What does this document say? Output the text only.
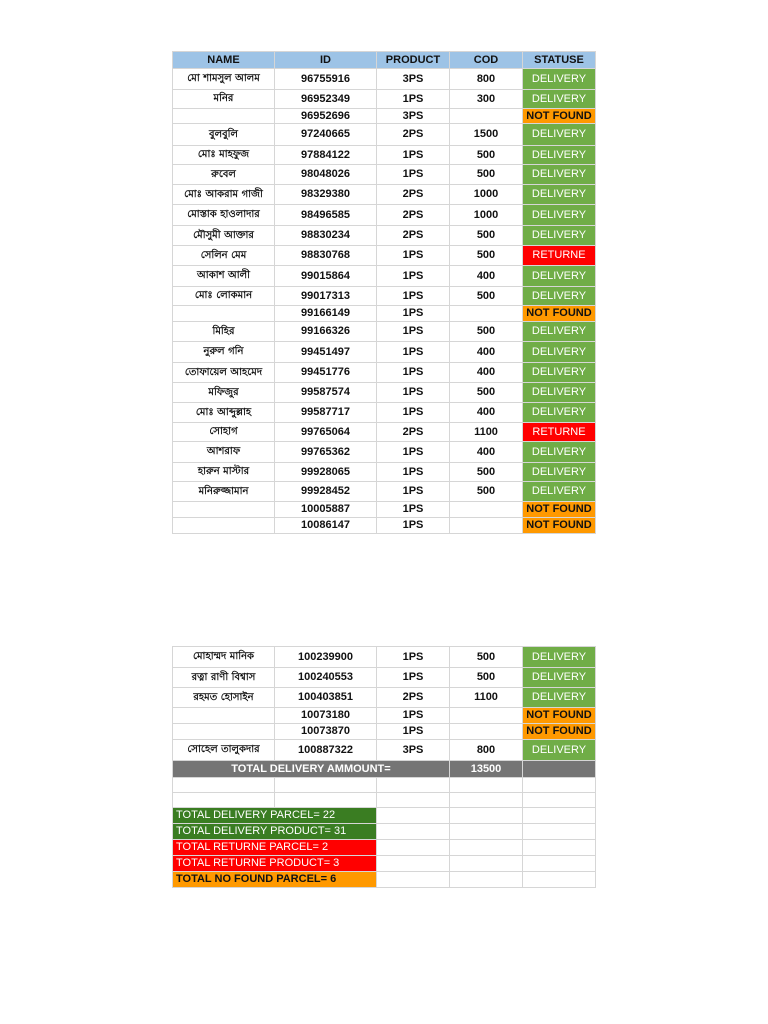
NAME	ID	PRODUCT	COD	STATUSE
মো শামসুল আলম	96755916	3PS	800	DELIVERY
মনির	96952349	1PS	300	DELIVERY
	96952696	3PS		NOT FOUND
বুলবুলি	97240665	2PS	1500	DELIVERY
মোঃ মাহফুজ	97884122	1PS	500	DELIVERY
রুবেল	98048026	1PS	500	DELIVERY
মোঃ আকরাম গাজী	98329380	2PS	1000	DELIVERY
মোস্তাক হাওলাদার	98496585	2PS	1000	DELIVERY
মৌসুমী আক্তার	98830234	2PS	500	DELIVERY
সেলিন মেম	98830768	1PS	500	RETURNE
আকাশ আলী	99015864	1PS	400	DELIVERY
মোঃ লোকমান	99017313	1PS	500	DELIVERY
	99166149	1PS		NOT FOUND
মিহির	99166326	1PS	500	DELIVERY
নুরুল গনি	99451497	1PS	400	DELIVERY
তোফায়েল আহমেদ	99451776	1PS	400	DELIVERY
মফিজুর	99587574	1PS	500	DELIVERY
মোঃ আব্দুল্লাহ	99587717	1PS	400	DELIVERY
সোহাগ	99765064	2PS	1100	RETURNE
আশরাফ	99765362	1PS	400	DELIVERY
হারুন মাস্টার	99928065	1PS	500	DELIVERY
মনিরুজ্জামান	99928452	1PS	500	DELIVERY
	10005887	1PS		NOT FOUND
	10086147	1PS		NOT FOUND
মোহাম্মদ মানিক	100239900	1PS	500	DELIVERY
রত্না রাণী বিশ্বাস	100240553	1PS	500	DELIVERY
রহমত হোসাইন	100403851	2PS	1100	DELIVERY
	10073180	1PS		NOT FOUND
	10073870	1PS		NOT FOUND
সোহেল তালুকদার	100887322	3PS	800	DELIVERY
TOTAL DELIVERY AMMOUNT=			13500	

TOTAL DELIVERY PARCEL= 22				
TOTAL DELIVERY PRODUCT= 31				
TOTAL RETURNE PARCEL= 2				
TOTAL RETURNE PRODUCT= 3				
TOTAL NO FOUND PARCEL= 6				
